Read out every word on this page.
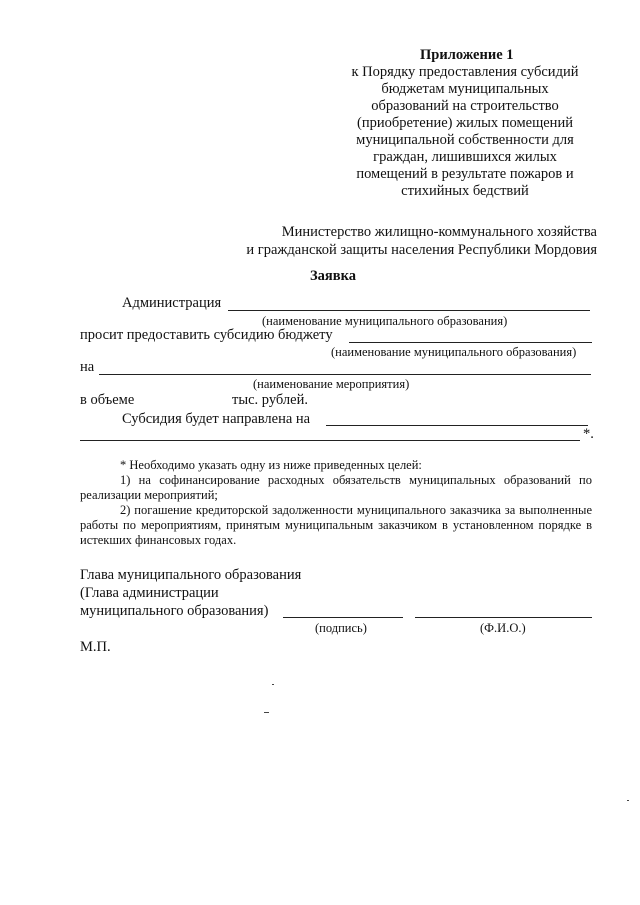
Приложение 1
к Порядку предоставления субсидий
бюджетам муниципальных
образований на строительство
(приобретение) жилых помещений
муниципальной собственности для
граждан, лишившихся жилых
помещений в результате пожаров и
стихийных бедствий
Министерство жилищно-коммунального хозяйства
и гражданской защиты населения Республики Мордовия
Заявка
Администрация
(наименование муниципального образования)
просит предоставить субсидию бюджету
(наименование муниципального образования)
на
(наименование мероприятия)
в объеме	тыс. рублей.
Субсидия будет направлена на
*.
* Необходимо указать одну из ниже приведенных целей:
1) на софинансирование расходных обязательств муниципальных образований по реализации мероприятий;
2) погашение кредиторской задолженности муниципального заказчика за выполненные работы по мероприятиям, принятым муниципальным заказчиком в установленном порядке в истекших финансовых годах.
Глава муниципального образования
(Глава администрации
муниципального образования)
(подпись)	(Ф.И.О.)
М.П.
